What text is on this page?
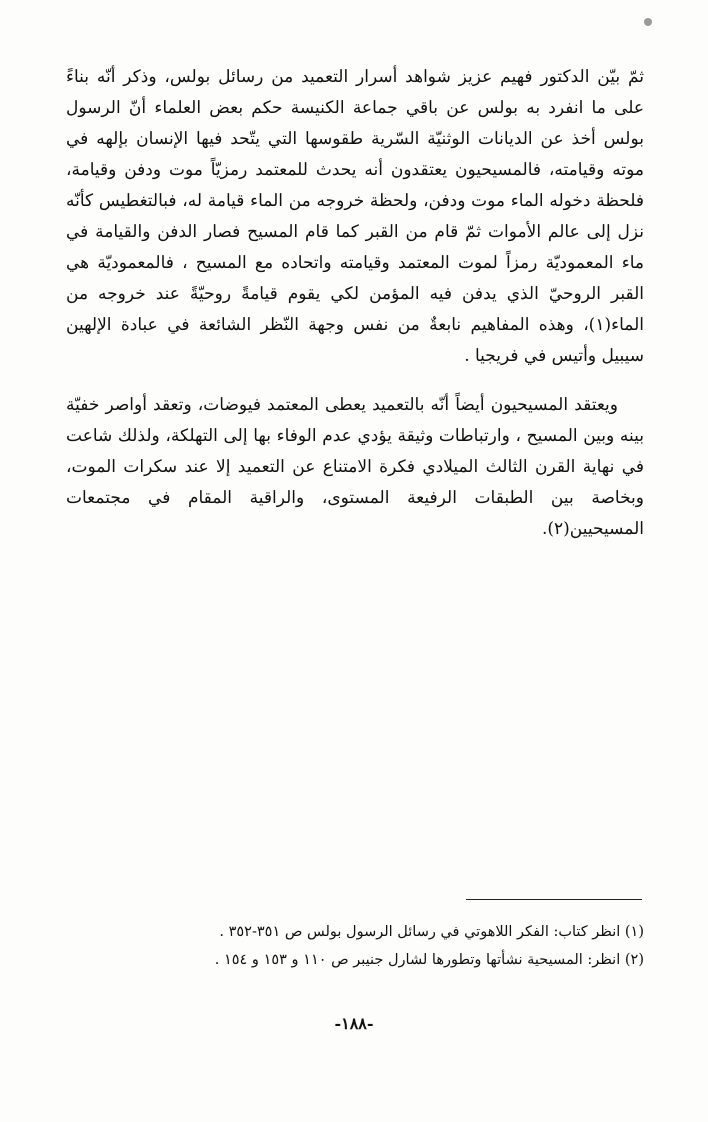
ثمّ بيّن الدكتور فهيم عزيز شواهد أسرار التعميد من رسائل بولس، وذكر أنّه بناءً على ما انفرد به بولس عن باقي جماعة الكنيسة حكم بعض العلماء أنّ الرسول بولس أخذ عن الديانات الوثنيّة السّرية طقوسها التي يتّحد فيها الإنسان بإلهه في موته وقيامته، فالمسيحيون يعتقدون أنه يحدث للمعتمد رمزيّاً موت ودفن وقيامة، فلحظة دخوله الماء موت ودفن، ولحظة خروجه من الماء قيامة له، فبالتغطيس كأنّه نزل إلى عالم الأموات ثمّ قام من القبر كما قام المسيح فصار الدفن والقيامة في ماء المعموديّة رمزاً لموت المعتمد وقيامته واتحاده مع المسيح ، فالمعموديّة هي القبر الروحيّ الذي يدفن فيه المؤمن لكي يقوم قيامةً روحيّةً عند خروجه من الماء(١)، وهذه المفاهيم نابعةٌ من نفس وجهة النّظر الشائعة في عبادة الإلهين سيبيل وأتيس في فريجيا .

ويعتقد المسيحيون أيضاً أنّه بالتعميد يعطى المعتمد فيوضات، وتعقد أواصر خفيّة بينه وبين المسيح ، وارتباطات وثيقة يؤدي عدم الوفاء بها إلى التهلكة، ولذلك شاعت في نهاية القرن الثالث الميلادي فكرة الامتناع عن التعميد إلا عند سكرات الموت، وبخاصة بين الطبقات الرفيعة المستوى، والراقية المقام في مجتمعات المسيحيين(٢).

(١) انظر كتاب: الفكر اللاهوتي في رسائل الرسول بولس ص ٣٥١-٣٥٢ .
(٢) انظر: المسيحية نشأتها وتطورها لشارل جنيبر ص ١١٠ و ١٥٣ و ١٥٤ .
-١٨٨-
